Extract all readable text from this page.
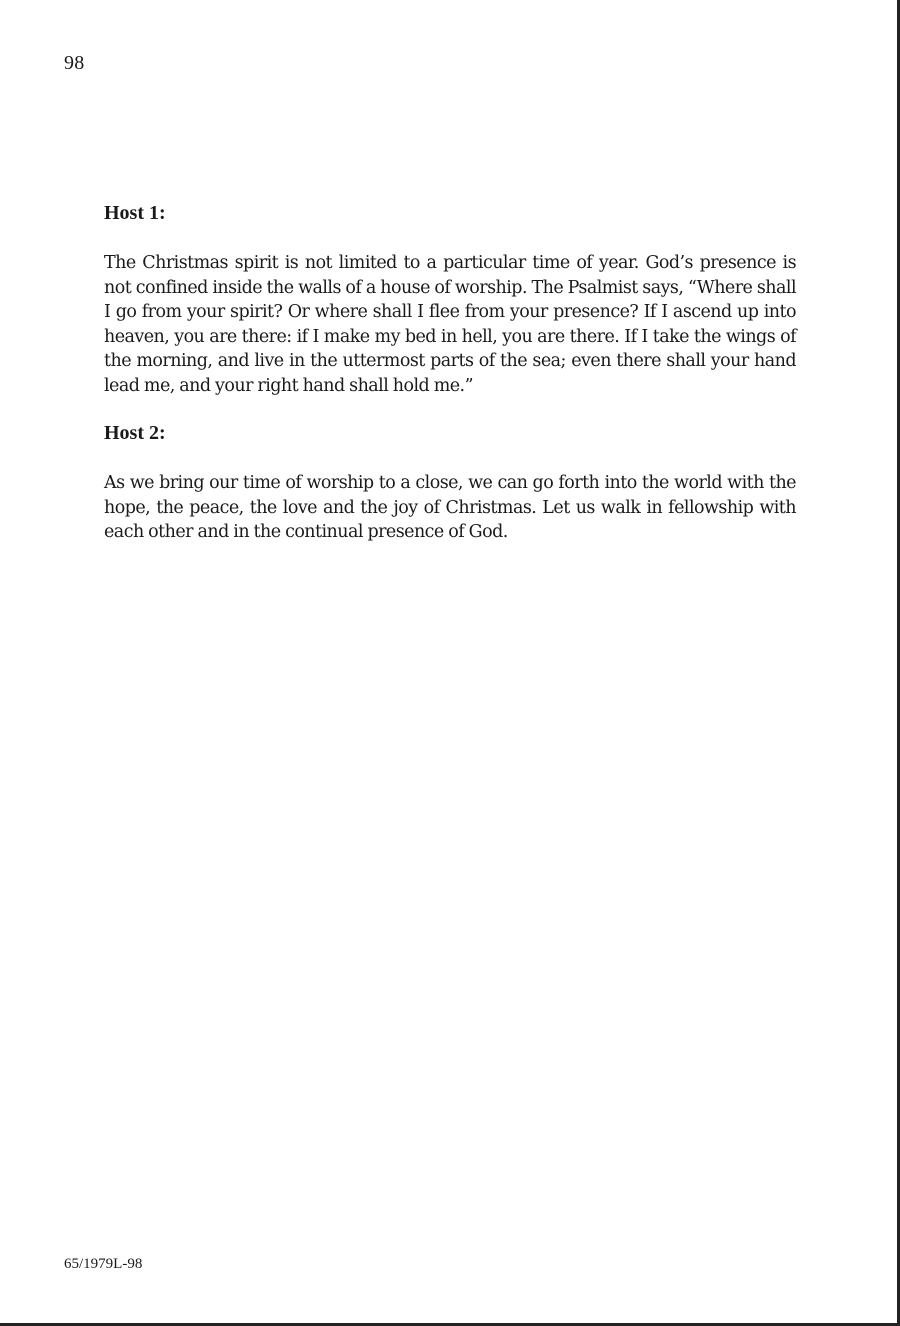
98
Host 1:

The Christmas spirit is not limited to a particular time of year. God’s presence is not confined inside the walls of a house of worship. The Psalmist says, “Where shall I go from your spirit? Or where shall I flee from your presence? If I ascend up into heaven, you are there: if I make my bed in hell, you are there. If I take the wings of the morning, and live in the uttermost parts of the sea; even there shall your hand lead me, and your right hand shall hold me.”

Host 2:

As we bring our time of worship to a close, we can go forth into the world with the hope, the peace, the love and the joy of Christmas. Let us walk in fellowship with each other and in the continual presence of God.

65/1979L-98
